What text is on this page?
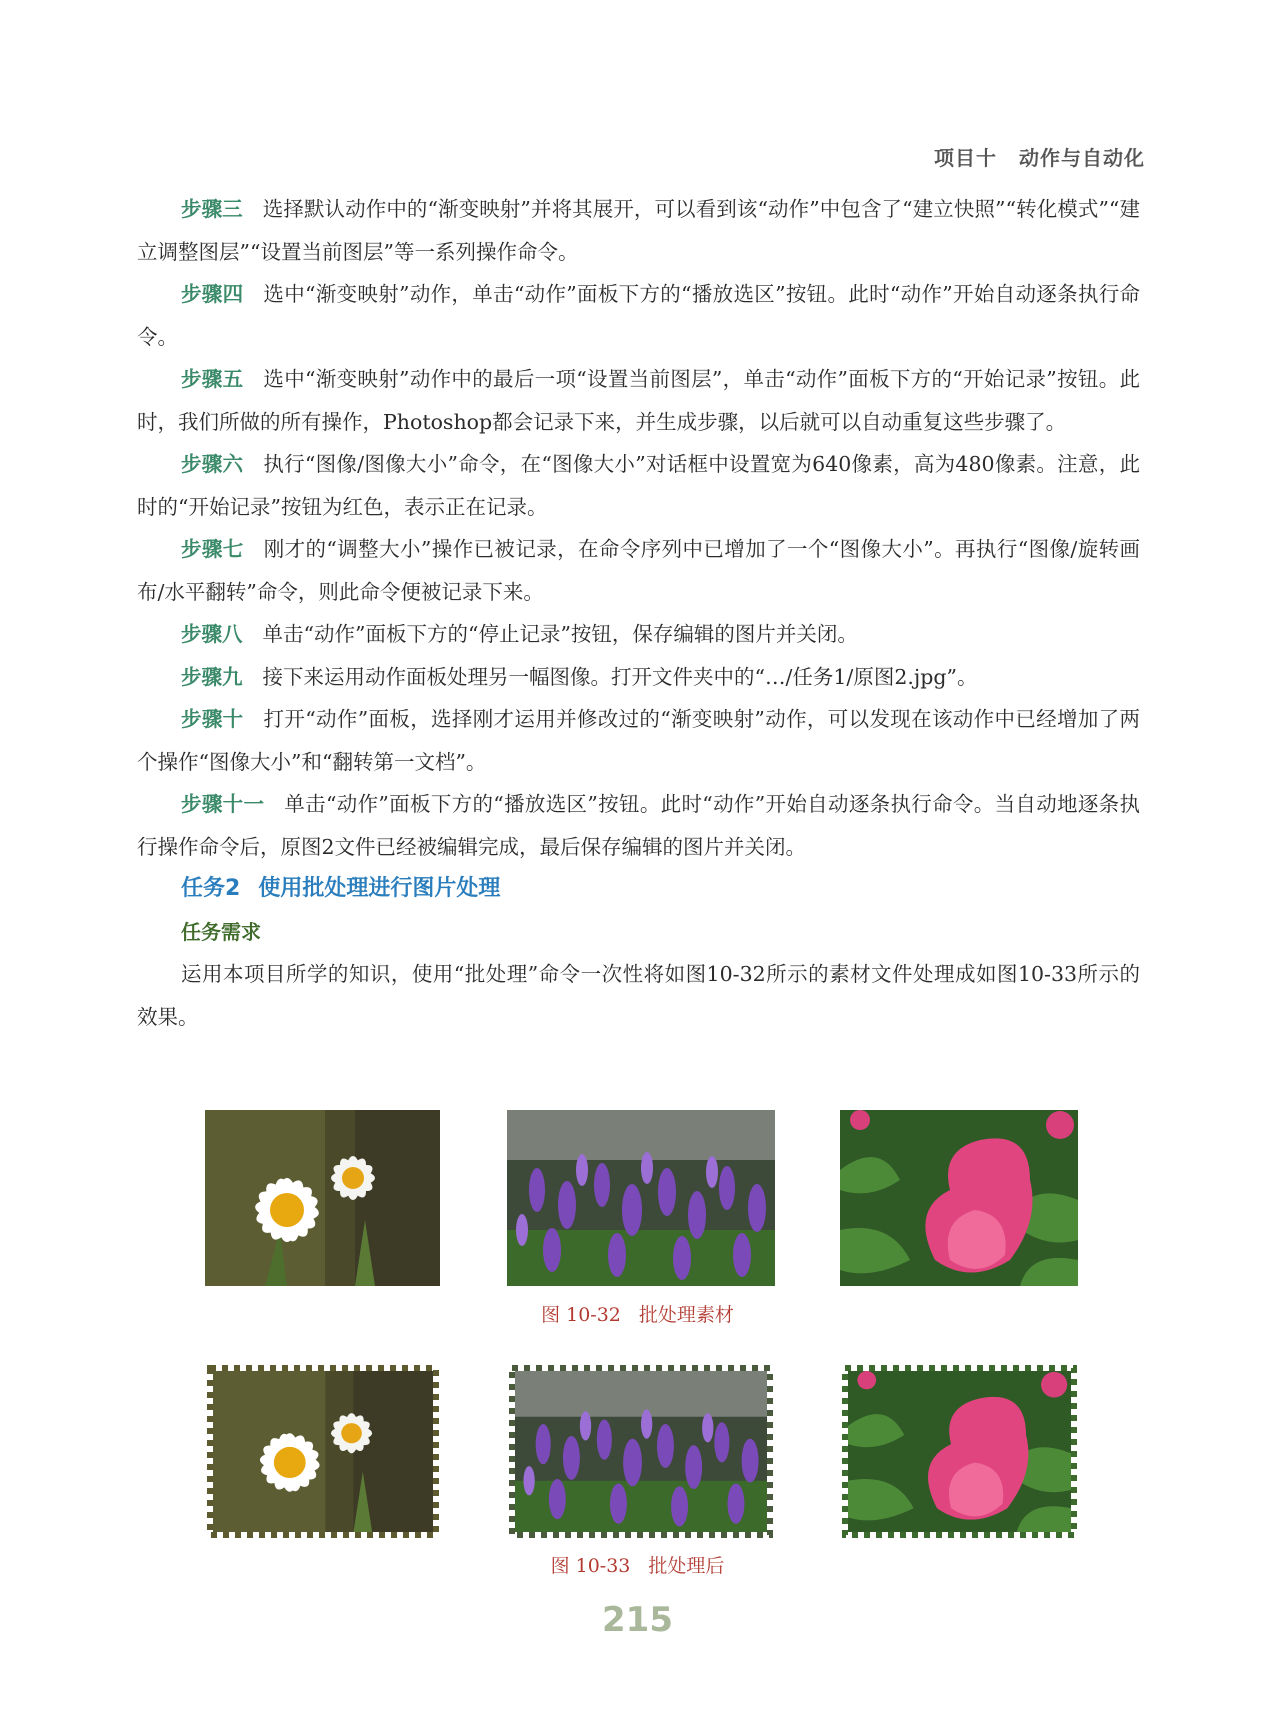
项目十 动作与自动化

步骤三 选择默认动作中的“渐变映射”并将其展开，可以看到该“动作”中包含了“建立快照”“转化模式”“建立调整图层”“设置当前图层”等一系列操作命令。

步骤四 选中“渐变映射”动作，单击“动作”面板下方的“播放选区”按钮。此时“动作”开始自动逐条执行命令。

步骤五 选中“渐变映射”动作中的最后一项“设置当前图层”，单击“动作”面板下方的“开始记录”按钮。此时，我们所做的所有操作，Photoshop都会记录下来，并生成步骤，以后就可以自动重复这些步骤了。

步骤六 执行“图像/图像大小”命令，在“图像大小”对话框中设置宽为640像素，高为480像素。注意，此时的“开始记录”按钮为红色，表示正在记录。

步骤七 刚才的“调整大小”操作已被记录，在命令序列中已增加了一个“图像大小”。再执行“图像/旋转画布/水平翻转”命令，则此命令便被记录下来。

步骤八 单击“动作”面板下方的“停止记录”按钮，保存编辑的图片并关闭。

步骤九 接下来运用动作面板处理另一幅图像。打开文件夹中的“…/任务1/原图2.jpg”。

步骤十 打开“动作”面板，选择刚才运用并修改过的“渐变映射”动作，可以发现在该动作中已经增加了两个操作“图像大小”和“翻转第一文档”。

步骤十一 单击“动作”面板下方的“播放选区”按钮。此时“动作”开始自动逐条执行命令。当自动地逐条执行操作命令后，原图2文件已经被编辑完成，最后保存编辑的图片并关闭。

任务2 使用批处理进行图片处理
任务需求

运用本项目所学的知识，使用“批处理”命令一次性将如图10-32所示的素材文件处理成如图10-33所示的效果。

图 10-32 批处理素材
图 10-33 批处理后
215
